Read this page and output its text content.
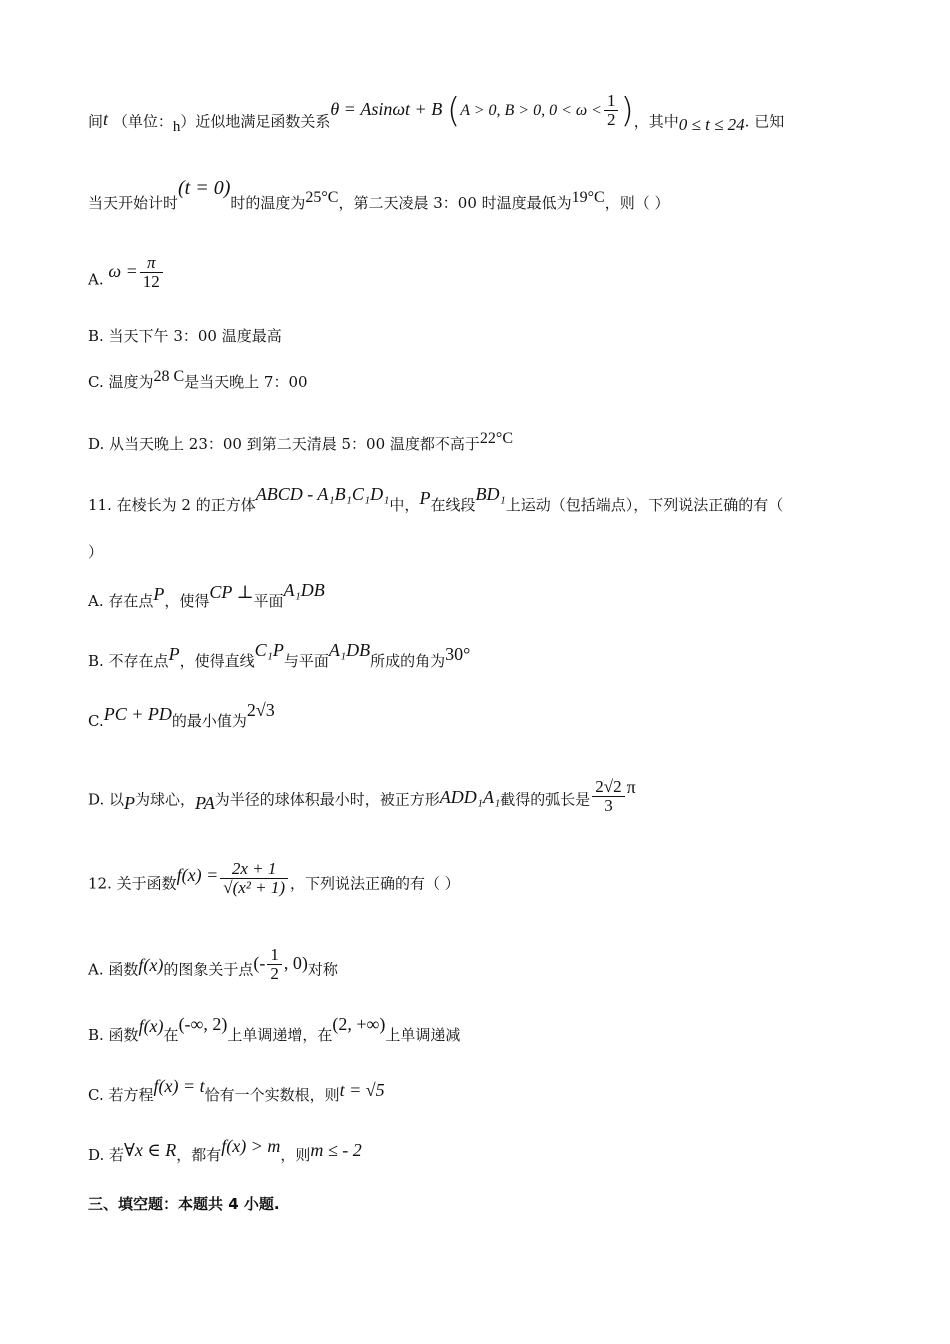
间t （单位：h）近似地满足函数关系θ = Asinωt + B (A > 0, B > 0, $0 < \omega < \frac{1}{2}$ )，其中0 ≤ t ≤ 24. 已知
当天开始计时(t = 0)时的温度为25°C，第二天凌晨 3：00 时温度最低为19°C，则（ ）
A. $\omega = \frac{\pi}{12}$
B. 当天下午 3：00 温度最高
C. 温度为28 C是当天晚上 7：00
D. 从当天晚上 23：00 到第二天清晨 5：00 温度都不高于22°C
11. 在棱长为 2 的正方体ABCD - A₁B₁C₁D₁中，P在线段BD₁上运动（包括端点），下列说法正确的有（
）
A. 存在点P，使得CP ⊥平面A₁DB
B. 不存在点P，使得直线C₁P与平面A₁DB所成的角为30°
C.PC + PD的最小值为2√3
D. 以P为球心，PA为半径的球体积最小时，被正方形ADD₁A₁截得的弧长是 $\frac{2√2}{3}$ π
12. 关于函数$f(x) = \frac{2x + 1}{\text{√(x² + 1)}}$ ，下列说法正确的有（ ）
A. 函数f(x)的图象关于点(- $\frac{1}{2}$ , 0)对称
B. 函数f(x)在(-∞, 2)上单调递增，在(2, +∞)上单调递减
C. 若方程f(x) = t恰有一个实数根，则t = √5
D. 若∀x ∈ R，都有f(x) > m，则m ≤ - 2
三、填空题：本题共 4 小题.
